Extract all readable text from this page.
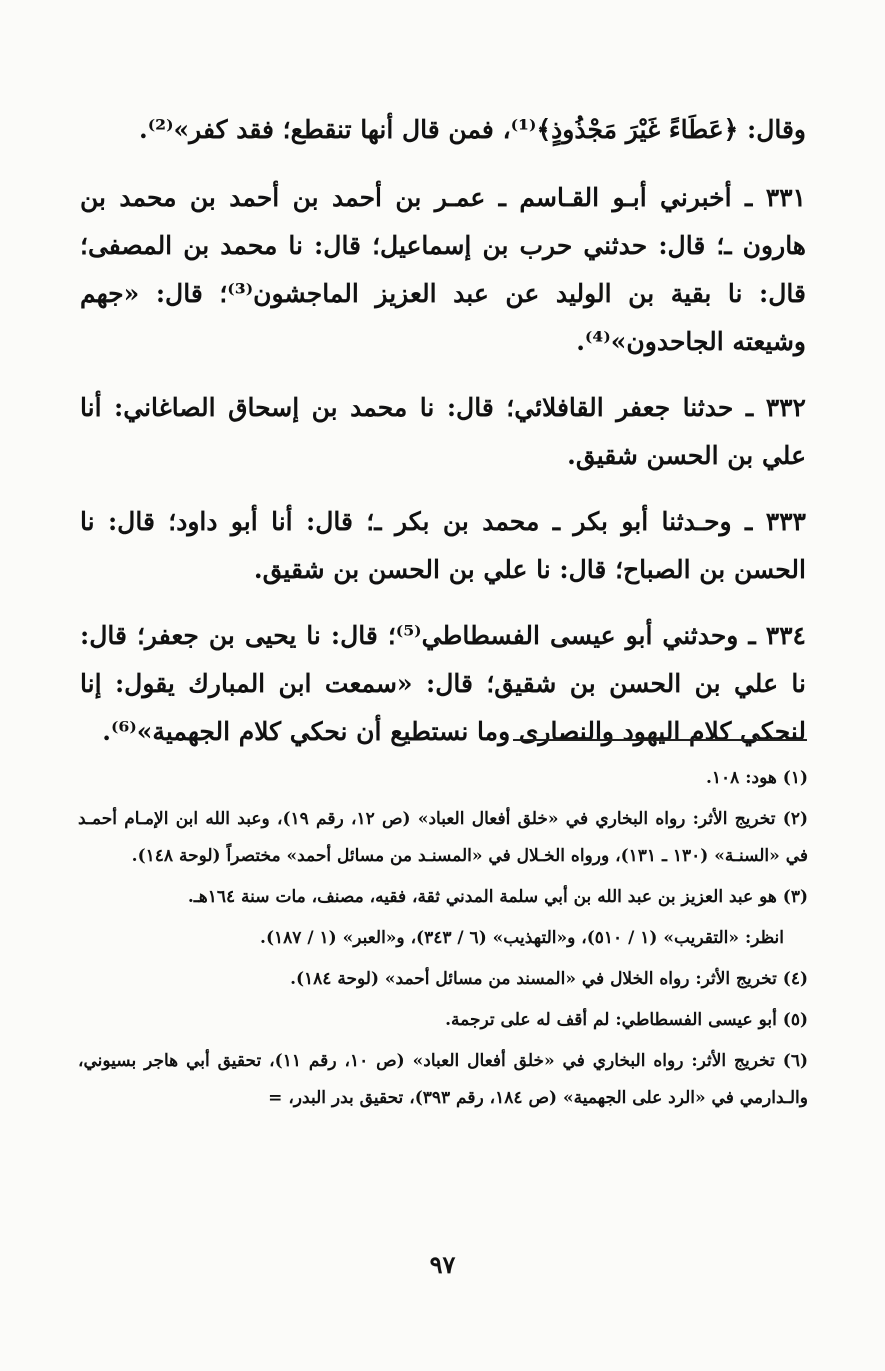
وقال: ﴿عَطَاءً غَيْرَ مَجْذُوذٍ﴾⁽¹⁾، فمن قال أنها تنقطع؛ فقد كفر»⁽²⁾.

٣٣١ ـ أخبرني أبـو القـاسم ـ عمـر بن أحمد بن أحمد بن محمد بن هارون ـ؛ قال: حدثني حرب بن إسماعيل؛ قال: نا محمد بن المصفى؛ قال: نا بقية بن الوليد عن عبد العزيز الماجشون⁽³⁾؛ قال: «جهم وشيعته الجاحدون»⁽⁴⁾.

٣٣٢ ـ حدثنا جعفر القافلائي؛ قال: نا محمد بن إسحاق الصاغاني: أنا علي بن الحسن شقيق.

٣٣٣ ـ وحـدثنا أبو بكر ـ محمد بن بكر ـ؛ قال: أنا أبو داود؛ قال: نا الحسن بن الصباح؛ قال: نا علي بن الحسن بن شقيق.

٣٣٤ ـ وحدثني أبو عيسى الفسطاطي⁽⁵⁾؛ قال: نا يحيى بن جعفر؛ قال: نا علي بن الحسن بن شقيق؛ قال: «سمعت ابن المبارك يقول: إنا لنحكي كلام اليهود والنصارى وما نستطيع أن نحكي كلام الجهمية»⁽⁶⁾.

(١) هود: ١٠٨.

(٢) تخريج الأثر: رواه البخاري في «خلق أفعال العباد» (ص ١٢، رقم ١٩)، وعبد الله ابن الإمـام أحمـد في «السنـة» (١٣٠ ـ ١٣١)، ورواه الخـلال في «المسنـد من مسائل أحمد» مختصراً (لوحة ١٤٨).

(٣) هو عبد العزيز بن عبد الله بن أبي سلمة المدني ثقة، فقيه، مصنف، مات سنة ١٦٤هـ.

انظر: «التقريب» (١ / ٥١٠)، و«التهذيب» (٦ / ٣٤٣)، و«العبر» (١ / ١٨٧).

(٤) تخريج الأثر: رواه الخلال في «المسند من مسائل أحمد» (لوحة ١٨٤).

(٥) أبو عيسى الفسطاطي: لم أقف له على ترجمة.

(٦) تخريج الأثر: رواه البخاري في «خلق أفعال العباد» (ص ١٠، رقم ١١)، تحقيق أبي هاجر بسيوني، والـدارمي في «الرد على الجهمية» (ص ١٨٤، رقم ٣٩٣)، تحقيق بدر البدر، =

٩٧
